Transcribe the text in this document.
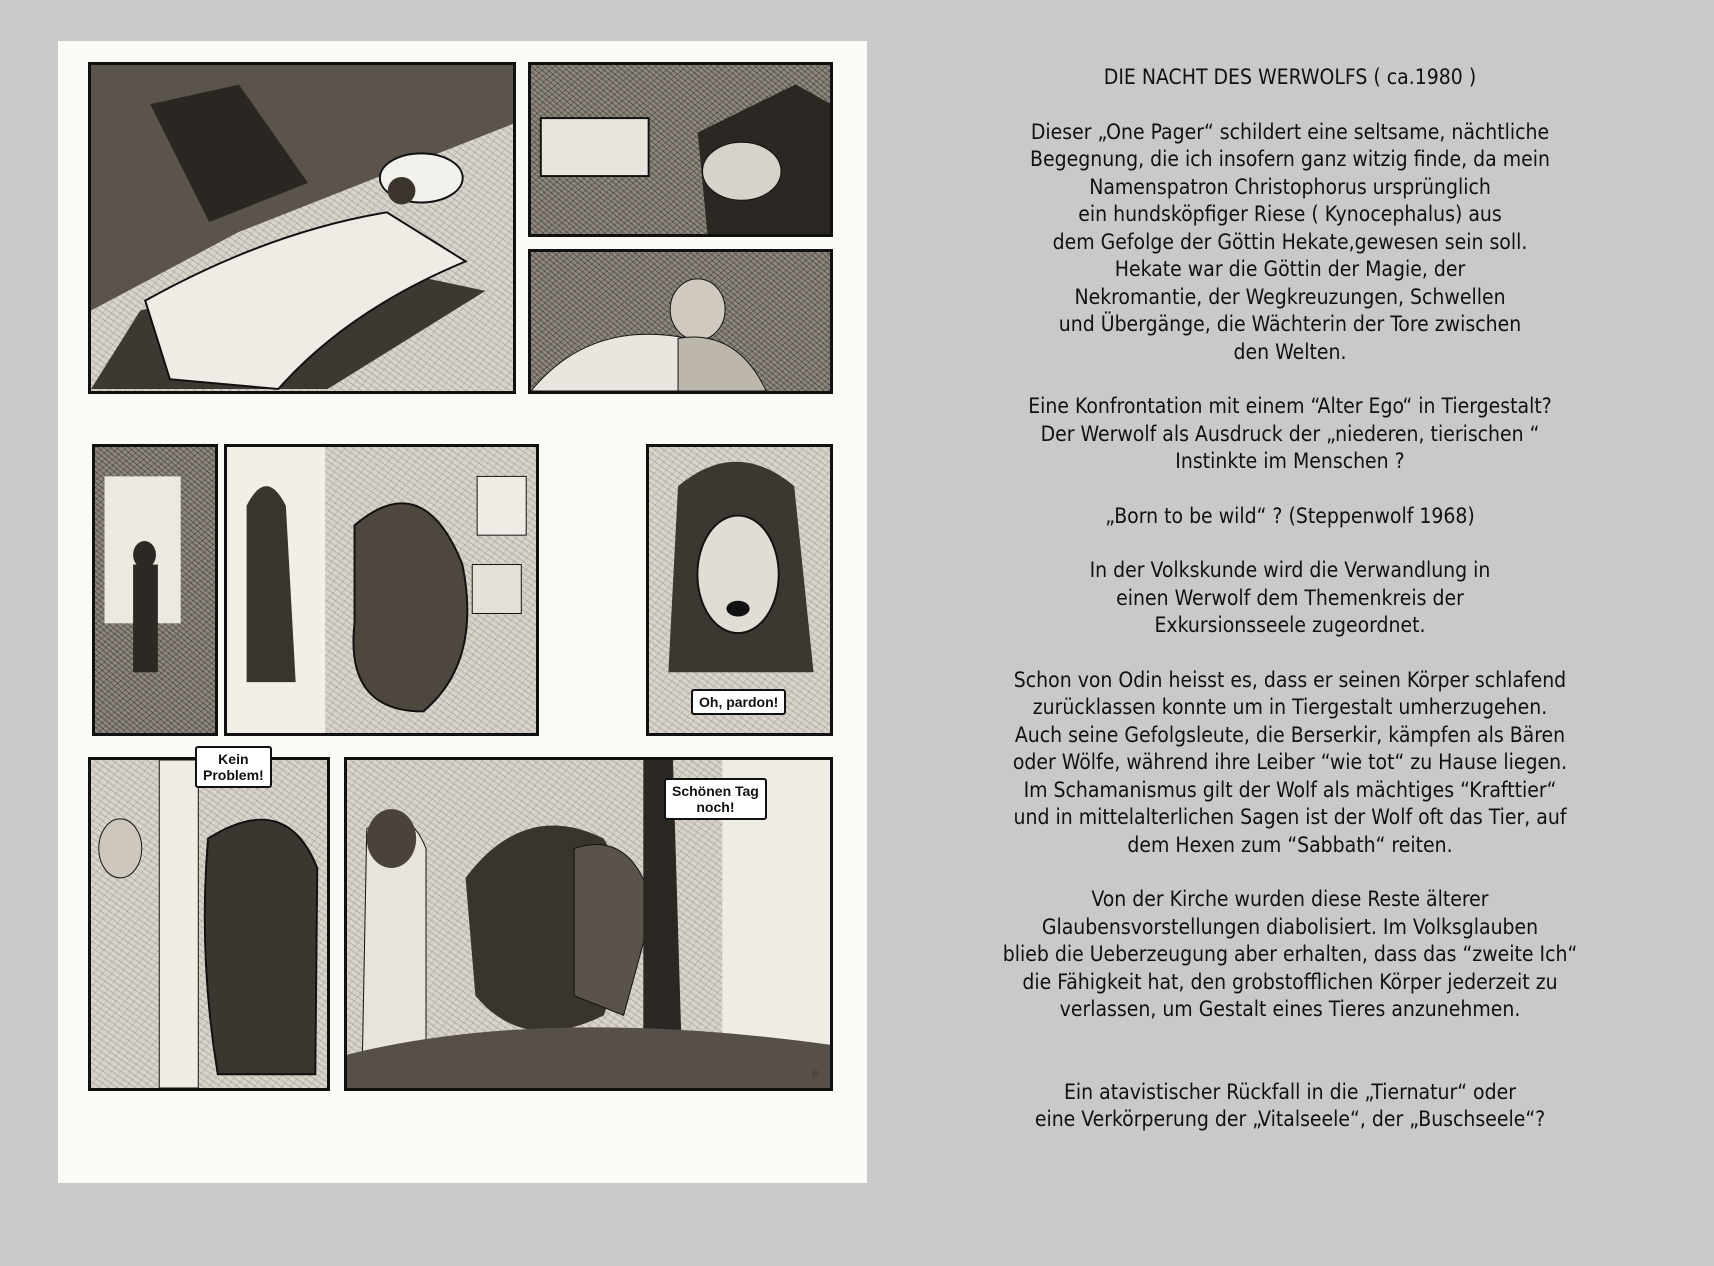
Oh, pardon!
©
Kein
Problem!
Schönen Tag
noch!
DIE NACHT DES WERWOLFS ( ca.1980 )

Dieser „One Pager“ schildert eine seltsame, nächtliche
Begegnung, die ich insofern ganz witzig finde, da mein
Namenspatron Christophorus ursprünglich
ein hundsköpfiger Riese ( Kynocephalus) aus
dem Gefolge der Göttin Hekate,gewesen sein soll.
Hekate war die Göttin der Magie, der
Nekromantie, der Wegkreuzungen, Schwellen
und Übergänge, die Wächterin der Tore zwischen
den Welten.

Eine Konfrontation mit einem “Alter Ego“ in Tiergestalt?
Der Werwolf als Ausdruck der „niederen, tierischen “
Instinkte im Menschen ?

„Born to be wild“ ? (Steppenwolf 1968)

In der Volkskunde wird die Verwandlung in
einen Werwolf dem Themenkreis der
Exkursionsseele zugeordnet.

Schon von Odin heisst es, dass er seinen Körper schlafend
zurücklassen konnte um in Tiergestalt umherzugehen.
Auch seine Gefolgsleute, die Berserkir, kämpfen als Bären
oder Wölfe, während ihre Leiber “wie tot“ zu Hause liegen.
Im Schamanismus gilt der Wolf als mächtiges “Krafttier“
und in mittelalterlichen Sagen ist der Wolf oft das Tier, auf
dem Hexen zum “Sabbath“ reiten.

Von der Kirche wurden diese Reste älterer
Glaubensvorstellungen diabolisiert. Im Volksglauben
blieb die Ueberzeugung aber erhalten, dass das “zweite Ich“
die Fähigkeit hat, den grobstofflichen Körper jederzeit zu
verlassen, um Gestalt eines Tieres anzunehmen.

Ein atavistischer Rückfall in die „Tiernatur“ oder
eine Verkörperung der „Vitalseele“, der „Buschseele“?
